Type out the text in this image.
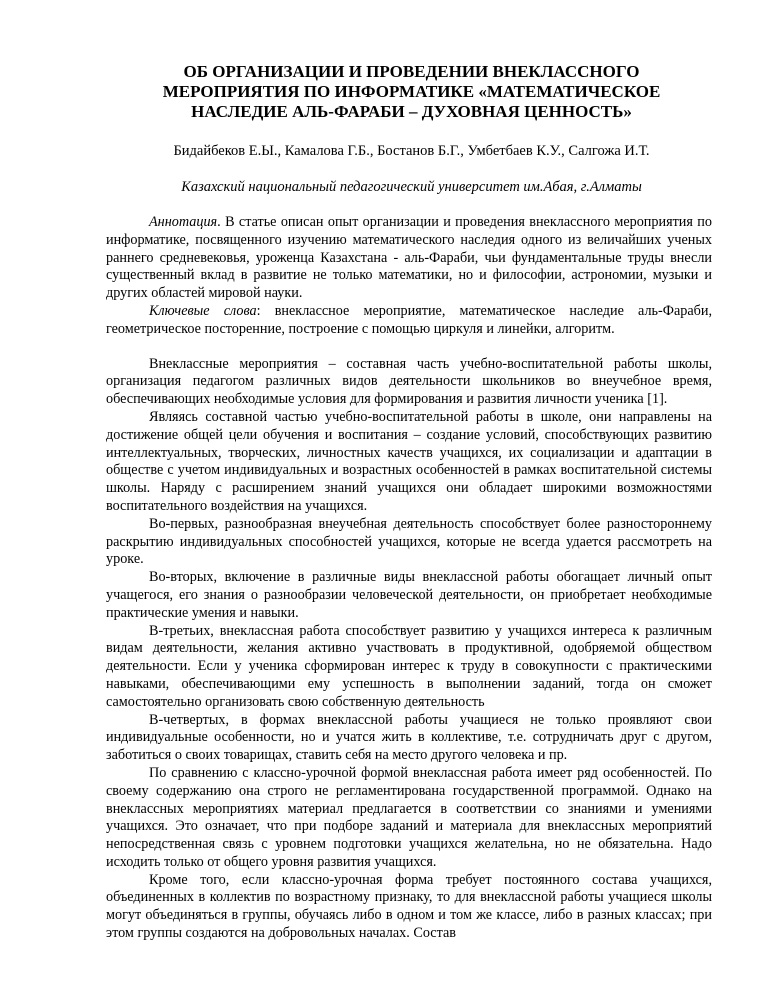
ОБ ОРГАНИЗАЦИИ И ПРОВЕДЕНИИ ВНЕКЛАССНОГО
МЕРОПРИЯТИЯ ПО ИНФОРМАТИКЕ «МАТЕМАТИЧЕСКОЕ
НАСЛЕДИЕ АЛЬ-ФАРАБИ – ДУХОВНАЯ ЦЕННОСТЬ»

Бидайбеков Е.Ы., Камалова Г.Б., Бостанов Б.Г., Умбетбаев К.У., Салгожа И.Т.

Казахский национальный педагогический университет им.Абая, г.Алматы

Аннотация. В статье описан опыт организации и проведения внеклассного мероприятия по информатике, посвященного изучению математического наследия одного из величайших ученых раннего средневековья, уроженца Казахстана - аль-Фараби, чьи фундаментальные труды внесли существенный вклад в развитие не только математики, но и философии, астрономии, музыки и других областей мировой науки.

Ключевые слова: внеклассное мероприятие, математическое наследие аль-Фараби, геометрическое посторенние, построение с помощью циркуля и линейки, алгоритм.

Внеклассные мероприятия – составная часть учебно-воспитательной работы школы, организация педагогом различных видов деятельности школьников во внеучебное время, обеспечивающих необходимые условия для формирования и развития личности ученика [1].

Являясь составной частью учебно-воспитательной работы в школе, они направлены на достижение общей цели обучения и воспитания – создание условий, способствующих развитию интеллектуальных, творческих, личностных качеств учащихся, их социализации и адаптации в обществе с учетом индивидуальных и возрастных особенностей в рамках воспитательной системы школы. Наряду с расширением знаний учащихся они обладает широкими возможностями воспитательного воздействия на учащихся.

Во-первых, разнообразная внеучебная деятельность способствует более разностороннему раскрытию индивидуальных способностей учащихся, которые не всегда удается рассмотреть на уроке.

Во-вторых, включение в различные виды внеклассной работы обогащает личный опыт учащегося, его знания о разнообразии человеческой деятельности, он приобретает необходимые практические умения и навыки.

В-третьих, внеклассная работа способствует развитию у учащихся интереса к различным видам деятельности, желания активно участвовать в продуктивной, одобряемой обществом деятельности. Если у ученика сформирован интерес к труду в совокупности с практическими навыками, обеспечивающими ему успешность в выполнении заданий, тогда он сможет самостоятельно организовать свою собственную деятельность

В-четвертых, в формах внеклассной работы учащиеся не только проявляют свои индивидуальные особенности, но и учатся жить в коллективе, т.е. сотрудничать друг с другом, заботиться о своих товарищах, ставить себя на место другого человека и пр.

По сравнению с классно-урочной формой внеклассная работа имеет ряд особенностей. По своему содержанию она строго не регламентирована государственной программой. Однако на внеклассных мероприятиях материал предлагается в соответствии со знаниями и умениями учащихся. Это означает, что при подборе заданий и материала для внеклассных мероприятий непосредственная связь с уровнем подготовки учащихся желательна, но не обязательна. Надо исходить только от общего уровня развития учащихся.

Кроме того, если классно-урочная форма требует постоянного состава учащихся, объединенных в коллектив по возрастному признаку, то для внеклассной работы учащиеся школы могут объединяться в группы, обучаясь либо в одном и том же классе, либо в разных классах; при этом группы создаются на добровольных началах. Состав
